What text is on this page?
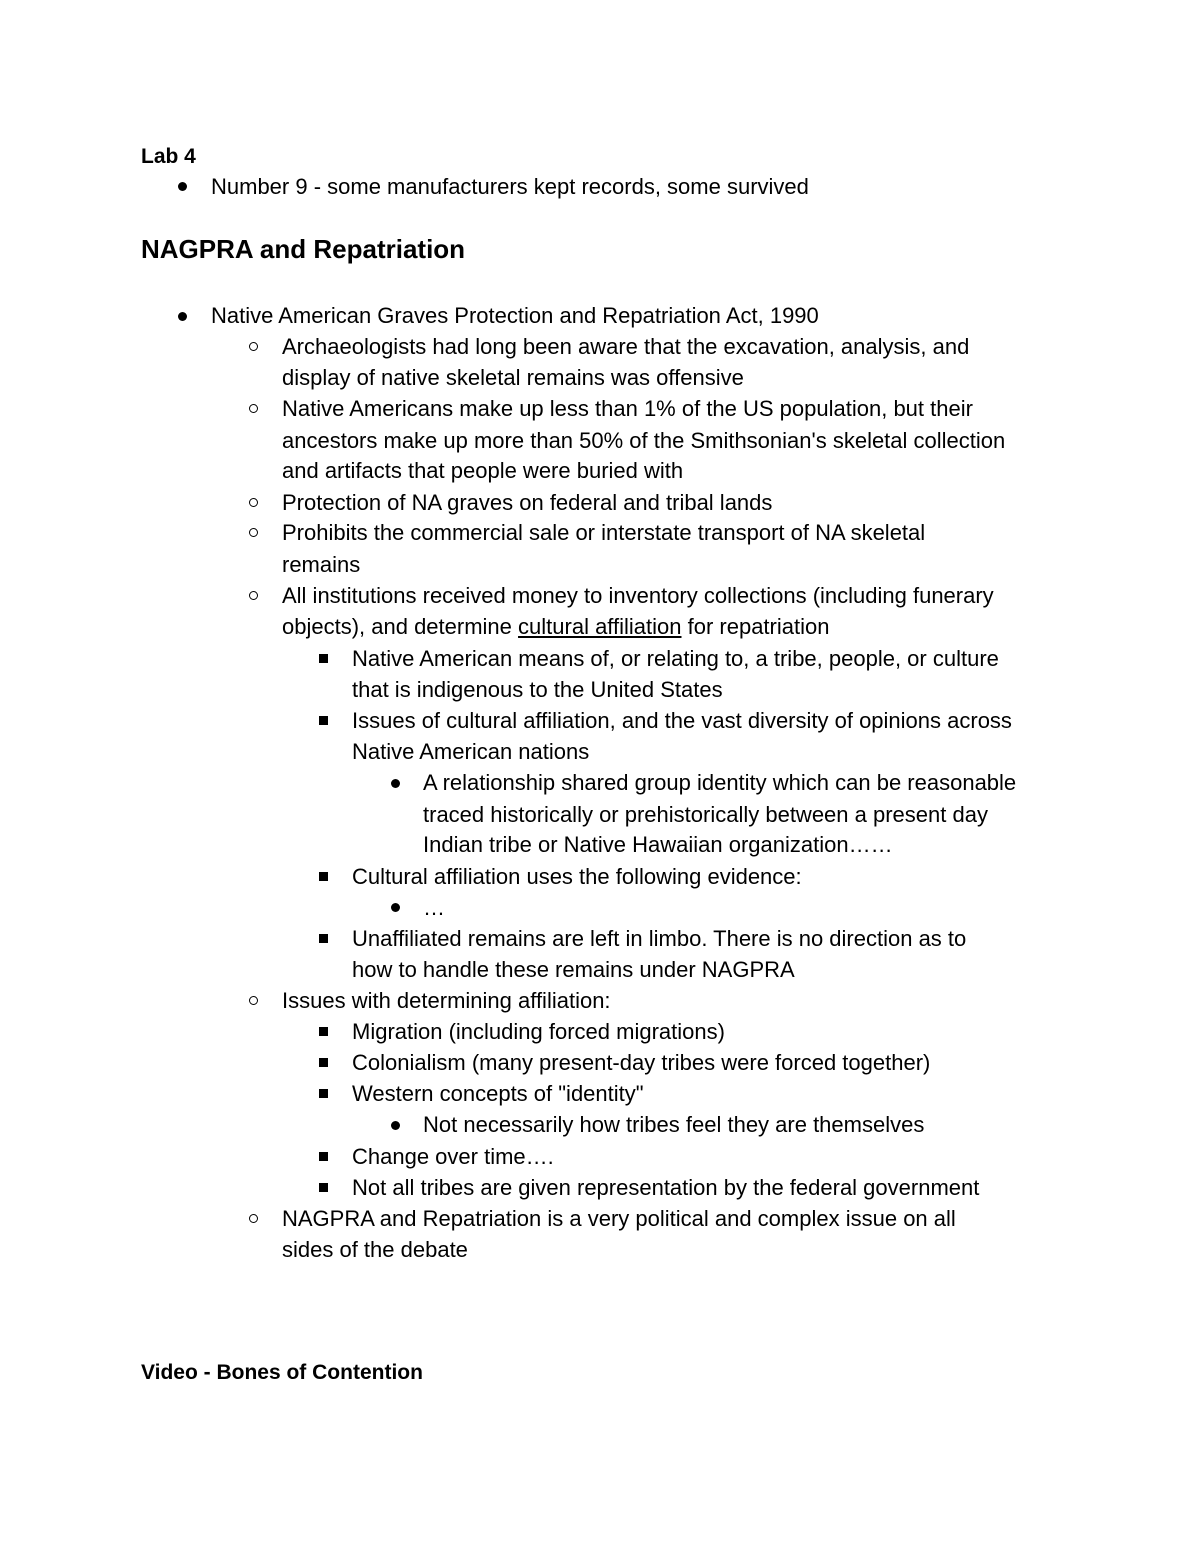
Lab 4
Number 9 - some manufacturers kept records, some survived
NAGPRA and Repatriation
Native American Graves Protection and Repatriation Act, 1990
Archaeologists had long been aware that the excavation, analysis, and
display of native skeletal remains was offensive
Native Americans make up less than 1% of the US population, but their
ancestors make up more than 50% of the Smithsonian's skeletal collection
and artifacts that people were buried with
Protection of NA graves on federal and tribal lands
Prohibits the commercial sale or interstate transport of NA skeletal
remains
All institutions received money to inventory collections (including funerary
objects), and determine cultural affiliation for repatriation
Native American means of, or relating to, a tribe, people, or culture
that is indigenous to the United States
Issues of cultural affiliation, and the vast diversity of opinions across
Native American nations
A relationship shared group identity which can be reasonable
traced historically or prehistorically between a present day
Indian tribe or Native Hawaiian organization……
Cultural affiliation uses the following evidence:
…
Unaffiliated remains are left in limbo. There is no direction as to
how to handle these remains under NAGPRA
Issues with determining affiliation:
Migration (including forced migrations)
Colonialism (many present-day tribes were forced together)
Western concepts of "identity"
Not necessarily how tribes feel they are themselves
Change over time….
Not all tribes are given representation by the federal government
NAGPRA and Repatriation is a very political and complex issue on all
sides of the debate
Video - Bones of Contention
